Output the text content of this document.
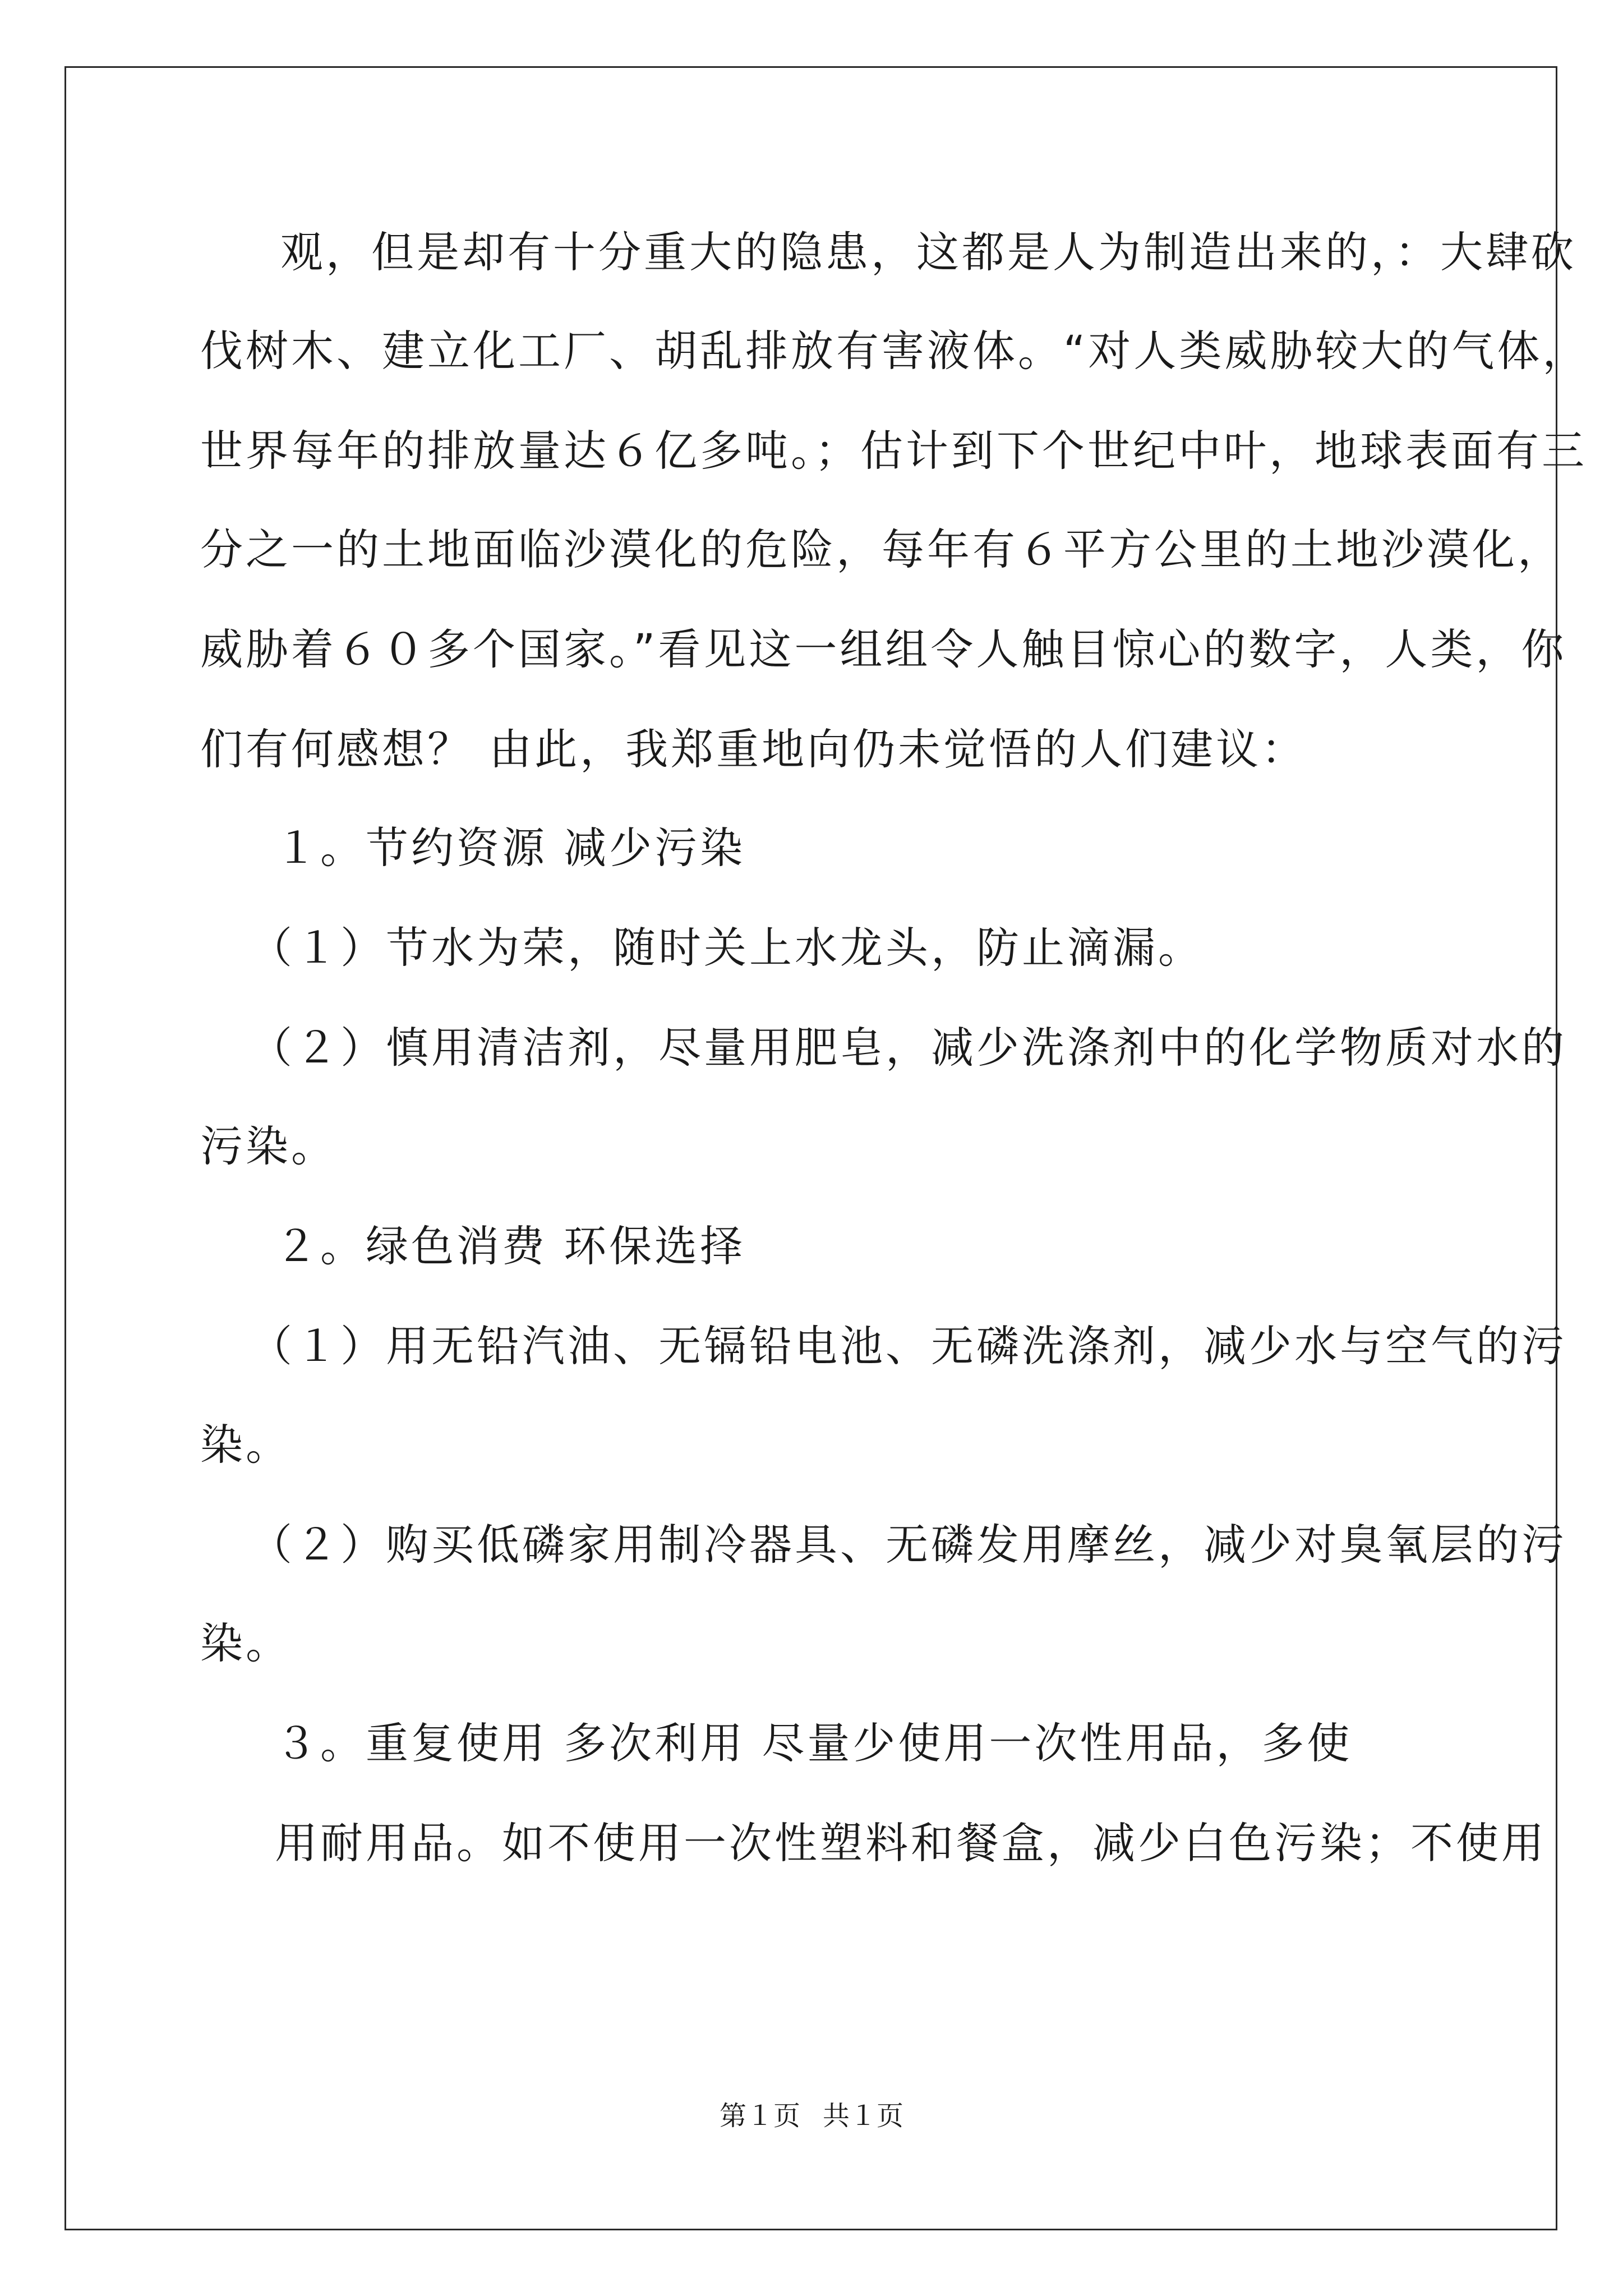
观，但是却有十分重大的隐患，这都是人为制造出来的，：大肆砍
伐树木、建立化工厂、胡乱排放有害液体。“对人类威胁较大的气体，
世界每年的排放量达６亿多吨。；估计到下个世纪中叶，地球表面有三
分之一的土地面临沙漠化的危险，每年有６平方公里的土地沙漠化，
威胁着６０多个国家。”看见这一组组令人触目惊心的数字，人类，你
们有何感想？ 由此，我郑重地向仍未觉悟的人们建议：
１。节约资源 减少污染
（１）节水为荣，随时关上水龙头，防止滴漏。
（２）慎用清洁剂，尽量用肥皂，减少洗涤剂中的化学物质对水的
污染。
２。绿色消费 环保选择
（１）用无铅汽油、无镉铅电池、无磷洗涤剂，减少水与空气的污
染。
（２）购买低磷家用制冷器具、无磷发用摩丝，减少对臭氧层的污
染。
３。重复使用 多次利用 尽量少使用一次性用品，多使
用耐用品。如不使用一次性塑料和餐盒，减少白色污染；不使用
第１页 共１页
